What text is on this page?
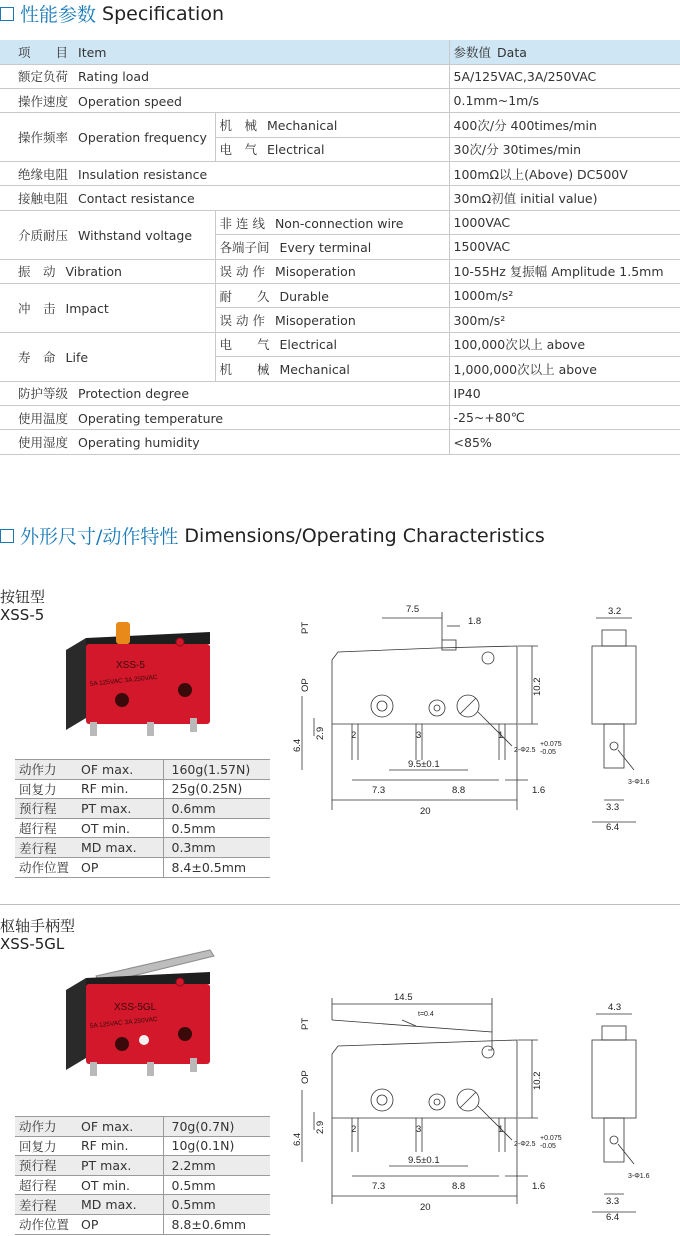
性能参数 Specification
项　　目 Item		参数值 Data
额定负荷 Rating load		5A/125VAC,3A/250VAC
操作速度 Operation speed		0.1mm~1m/s
操作频率 Operation frequency	机　械 Mechanical	400次/分 400times/min
	电　气 Electrical	30次/分 30times/min
绝缘电阻 Insulation resistance		100mΩ以上(Above) DC500V
接触电阻 Contact resistance		30mΩ初值 initial value)
介质耐压 Withstand voltage	非 连 线 Non-connection wire	1000VAC
	各端子间 Every terminal	1500VAC
振　动 Vibration	误 动 作 Misoperation	10-55Hz 复振幅 Amplitude 1.5mm
冲　击 Impact	耐　　久 Durable	1000m/s²
	误 动 作 Misoperation	300m/s²
寿　命 Life	电　　气 Electrical	100,000次以上 above
	机　　械 Mechanical	1,000,000次以上 above
防护等级 Protection degree		IP40
使用温度 Operating temperature		-25~+80℃
使用湿度 Operating humidity		<85%
外形尺寸/动作特性 Dimensions/Operating Characteristics
按钮型
XSS-5
XSS-5
5A 125VAC 3A 250VAC
动作力	OF max.	160g(1.57N)
回复力	RF min.	25g(0.25N)
预行程	PT max.	0.6mm
超行程	OT min.	0.5mm
差行程	MD max.	0.3mm
动作位置	OP	8.4±0.5mm
7.5
1.8
PT
OP	10.2
2.9
6.4
2	3	1
2-Φ2.5
+0.075
-0.05
9.5±0.1
7.3	8.8	1.6
20
3.2
3-Φ1.6
3.3
6.4
枢轴手柄型
XSS-5GL
XSS-5GL
5A 125VAC 3A 250VAC
动作力	OF max.	70g(0.7N)
回复力	RF min.	10g(0.1N)
预行程	PT max.	2.2mm
超行程	OT min.	0.5mm
差行程	MD max.	0.5mm
动作位置	OP	8.8±0.6mm
14.5
t=0.4
PT
OP	10.2
2.9
6.4
2	3	1
2-Φ2.5
+0.075
-0.05
9.5±0.1
7.3	8.8	1.6
20
4.3
3-Φ1.6
3.3
6.4
